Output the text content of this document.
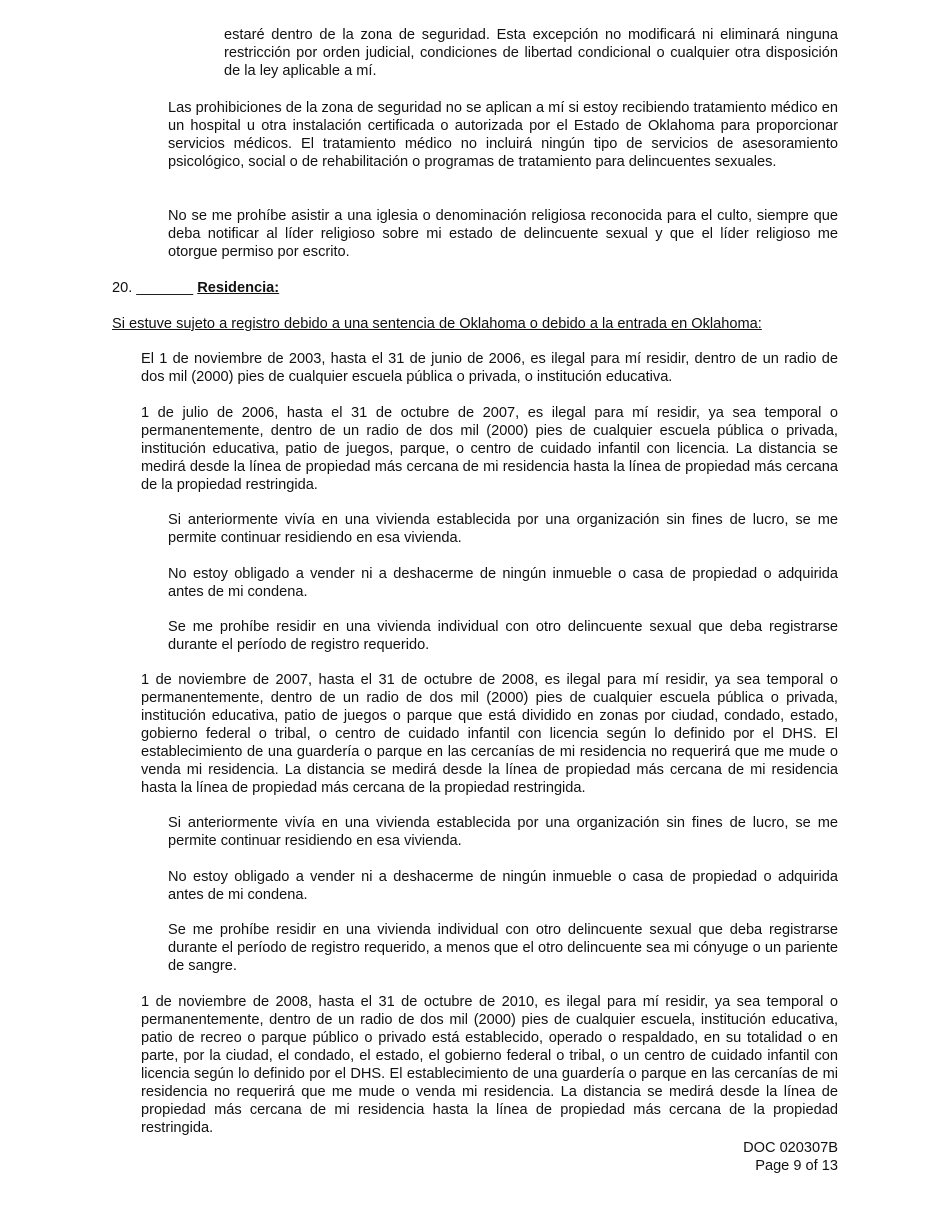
estaré dentro de la zona de seguridad. Esta excepción no modificará ni eliminará ninguna restricción por orden judicial, condiciones de libertad condicional o cualquier otra disposición de la ley aplicable a mí.

Las prohibiciones de la zona de seguridad no se aplican a mí si estoy recibiendo tratamiento médico en un hospital u otra instalación certificada o autorizada por el Estado de Oklahoma para proporcionar servicios médicos. El tratamiento médico no incluirá ningún tipo de servicios de asesoramiento psicológico, social o de rehabilitación o programas de tratamiento para delincuentes sexuales.

No se me prohíbe asistir a una iglesia o denominación religiosa reconocida para el culto, siempre que deba notificar al líder religioso sobre mi estado de delincuente sexual y que el líder religioso me otorgue permiso por escrito.

20. _______ Residencia:

Si estuve sujeto a registro debido a una sentencia de Oklahoma o debido a la entrada en Oklahoma:

El 1 de noviembre de 2003, hasta el 31 de junio de 2006, es ilegal para mí residir, dentro de un radio de dos mil (2000) pies de cualquier escuela pública o privada, o institución educativa.

1 de julio de 2006, hasta el 31 de octubre de 2007, es ilegal para mí residir, ya sea temporal o permanentemente, dentro de un radio de dos mil (2000) pies de cualquier escuela pública o privada, institución educativa, patio de juegos, parque, o centro de cuidado infantil con licencia. La distancia se medirá desde la línea de propiedad más cercana de mi residencia hasta la línea de propiedad más cercana de la propiedad restringida.

Si anteriormente vivía en una vivienda establecida por una organización sin fines de lucro, se me permite continuar residiendo en esa vivienda.

No estoy obligado a vender ni a deshacerme de ningún inmueble o casa de propiedad o adquirida antes de mi condena.

Se me prohíbe residir en una vivienda individual con otro delincuente sexual que deba registrarse durante el período de registro requerido.

1 de noviembre de 2007, hasta el 31 de octubre de 2008, es ilegal para mí residir, ya sea temporal o permanentemente, dentro de un radio de dos mil (2000) pies de cualquier escuela pública o privada, institución educativa, patio de juegos o parque que está dividido en zonas por ciudad, condado, estado, gobierno federal o tribal, o centro de cuidado infantil con licencia según lo definido por el DHS. El establecimiento de una guardería o parque en las cercanías de mi residencia no requerirá que me mude o venda mi residencia. La distancia se medirá desde la línea de propiedad más cercana de mi residencia hasta la línea de propiedad más cercana de la propiedad restringida.

Si anteriormente vivía en una vivienda establecida por una organización sin fines de lucro, se me permite continuar residiendo en esa vivienda.

No estoy obligado a vender ni a deshacerme de ningún inmueble o casa de propiedad o adquirida antes de mi condena.

Se me prohíbe residir en una vivienda individual con otro delincuente sexual que deba registrarse durante el período de registro requerido, a menos que el otro delincuente sea mi cónyuge o un pariente de sangre.

1 de noviembre de 2008, hasta el 31 de octubre de 2010, es ilegal para mí residir, ya sea temporal o permanentemente, dentro de un radio de dos mil (2000) pies de cualquier escuela, institución educativa, patio de recreo o parque público o privado está establecido, operado o respaldado, en su totalidad o en parte, por la ciudad, el condado, el estado, el gobierno federal o tribal, o un centro de cuidado infantil con licencia según lo definido por el DHS. El establecimiento de una guardería o parque en las cercanías de mi residencia no requerirá que me mude o venda mi residencia. La distancia se medirá desde la línea de propiedad más cercana de mi residencia hasta la línea de propiedad más cercana de la propiedad restringida.

DOC 020307B

Page 9 of 13
